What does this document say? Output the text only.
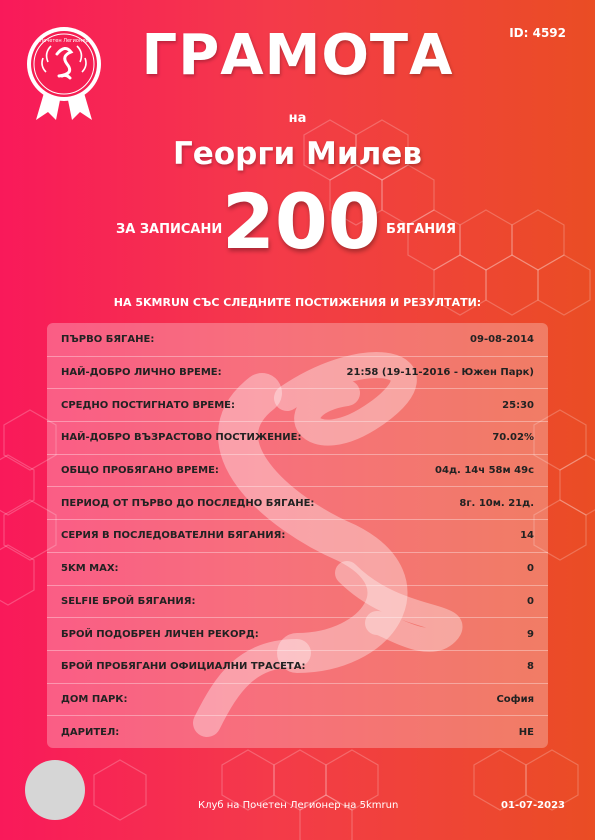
ID: 4592
Почетен Легионер ГРАМОТА
на
Георги Милев
ЗА ЗАПИСАНИ 200 БЯГАНИЯ
НА 5KMRUN СЪС СЛЕДНИТЕ ПОСТИЖЕНИЯ И РЕЗУЛТАТИ:
ПЪРВО БЯГАНЕ:	09-08-2014
НАЙ-ДОБРО ЛИЧНО ВРЕМЕ:	21:58 (19-11-2016 - Южен Парк)
СРЕДНО ПОСТИГНАТО ВРЕМЕ:	25:30
НАЙ-ДОБРО ВЪЗРАСТОВО ПОСТИЖЕНИЕ:	70.02%
ОБЩО ПРОБЯГАНО ВРЕМЕ:	04д. 14ч 58м 49с
ПЕРИОД ОТ ПЪРВО ДО ПОСЛЕДНО БЯГАНЕ:	8г. 10м. 21д.
СЕРИЯ В ПОСЛЕДОВАТЕЛНИ БЯГАНИЯ:	14
5KM MAX:	0
SELFIE БРОЙ БЯГАНИЯ:	0
БРОЙ ПОДОБРЕН ЛИЧЕН РЕКОРД:	9
БРОЙ ПРОБЯГАНИ ОФИЦИАЛНИ ТРАСЕТА:	8
ДОМ ПАРК:	София
ДАРИТЕЛ:	НЕ
Клуб на Почетен Легионер на 5kmrun	01-07-2023
